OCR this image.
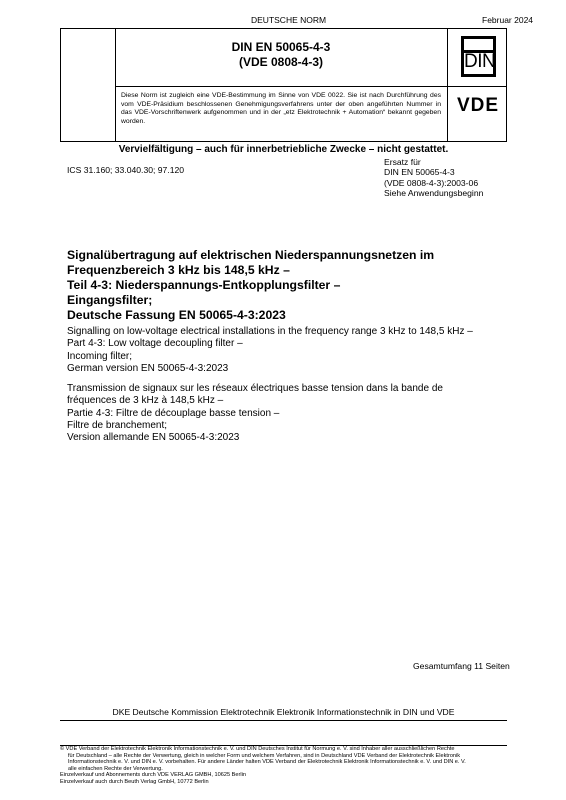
DEUTSCHE NORM	Februar 2024
DIN EN 50065-4-3
(VDE 0808-4-3)	DIN
Diese Norm ist zugleich eine VDE-Bestimmung im Sinne von VDE 0022. Sie ist nach Durchführung des vom VDE-Präsidium beschlossenen Genehmigungsverfahrens unter der oben angeführten Nummer in das VDE-Vorschriftenwerk aufgenommen und in der „etz Elektrotechnik + Automation“ bekannt gegeben worden.
VDE
Vervielfältigung – auch für innerbetriebliche Zwecke – nicht gestattet.
ICS 31.160; 33.040.30; 97.120
Ersatz für
DIN EN 50065-4-3
(VDE 0808-4-3):2003-06
Siehe Anwendungsbeginn
Signalübertragung auf elektrischen Niederspannungsnetzen im
Frequenzbereich 3 kHz bis 148,5 kHz –
Teil 4-3: Niederspannungs-Entkopplungsfilter –
Eingangsfilter;
Deutsche Fassung EN 50065-4-3:2023
Signalling on low-voltage electrical installations in the frequency range 3 kHz to 148,5 kHz –
Part 4-3: Low voltage decoupling filter –
Incoming filter;
German version EN 50065-4-3:2023
Transmission de signaux sur les réseaux électriques basse tension dans la bande de
fréquences de 3 kHz à 148,5 kHz –
Partie 4-3: Filtre de découplage basse tension –
Filtre de branchement;
Version allemande EN 50065-4-3:2023
Gesamtumfang 11 Seiten
DKE Deutsche Kommission Elektrotechnik Elektronik Informationstechnik in DIN und VDE
© VDE Verband der Elektrotechnik Elektronik Informationstechnik e. V. und DIN Deutsches Institut für Normung e. V. sind Inhaber aller ausschließlichen Rechte
für Deutschland – alle Rechte der Verwertung, gleich in welcher Form und welchem Verfahren, sind in Deutschland VDE Verband der Elektrotechnik Elektronik
Informationstechnik e. V. und DIN e. V. vorbehalten. Für andere Länder halten VDE Verband der Elektrotechnik Elektronik Informationstechnik e. V. und DIN e. V.
alle einfachen Rechte der Verwertung.
Einzelverkauf und Abonnements durch VDE VERLAG GMBH, 10625 Berlin
Einzelverkauf auch durch Beuth Verlag GmbH, 10772 Berlin
